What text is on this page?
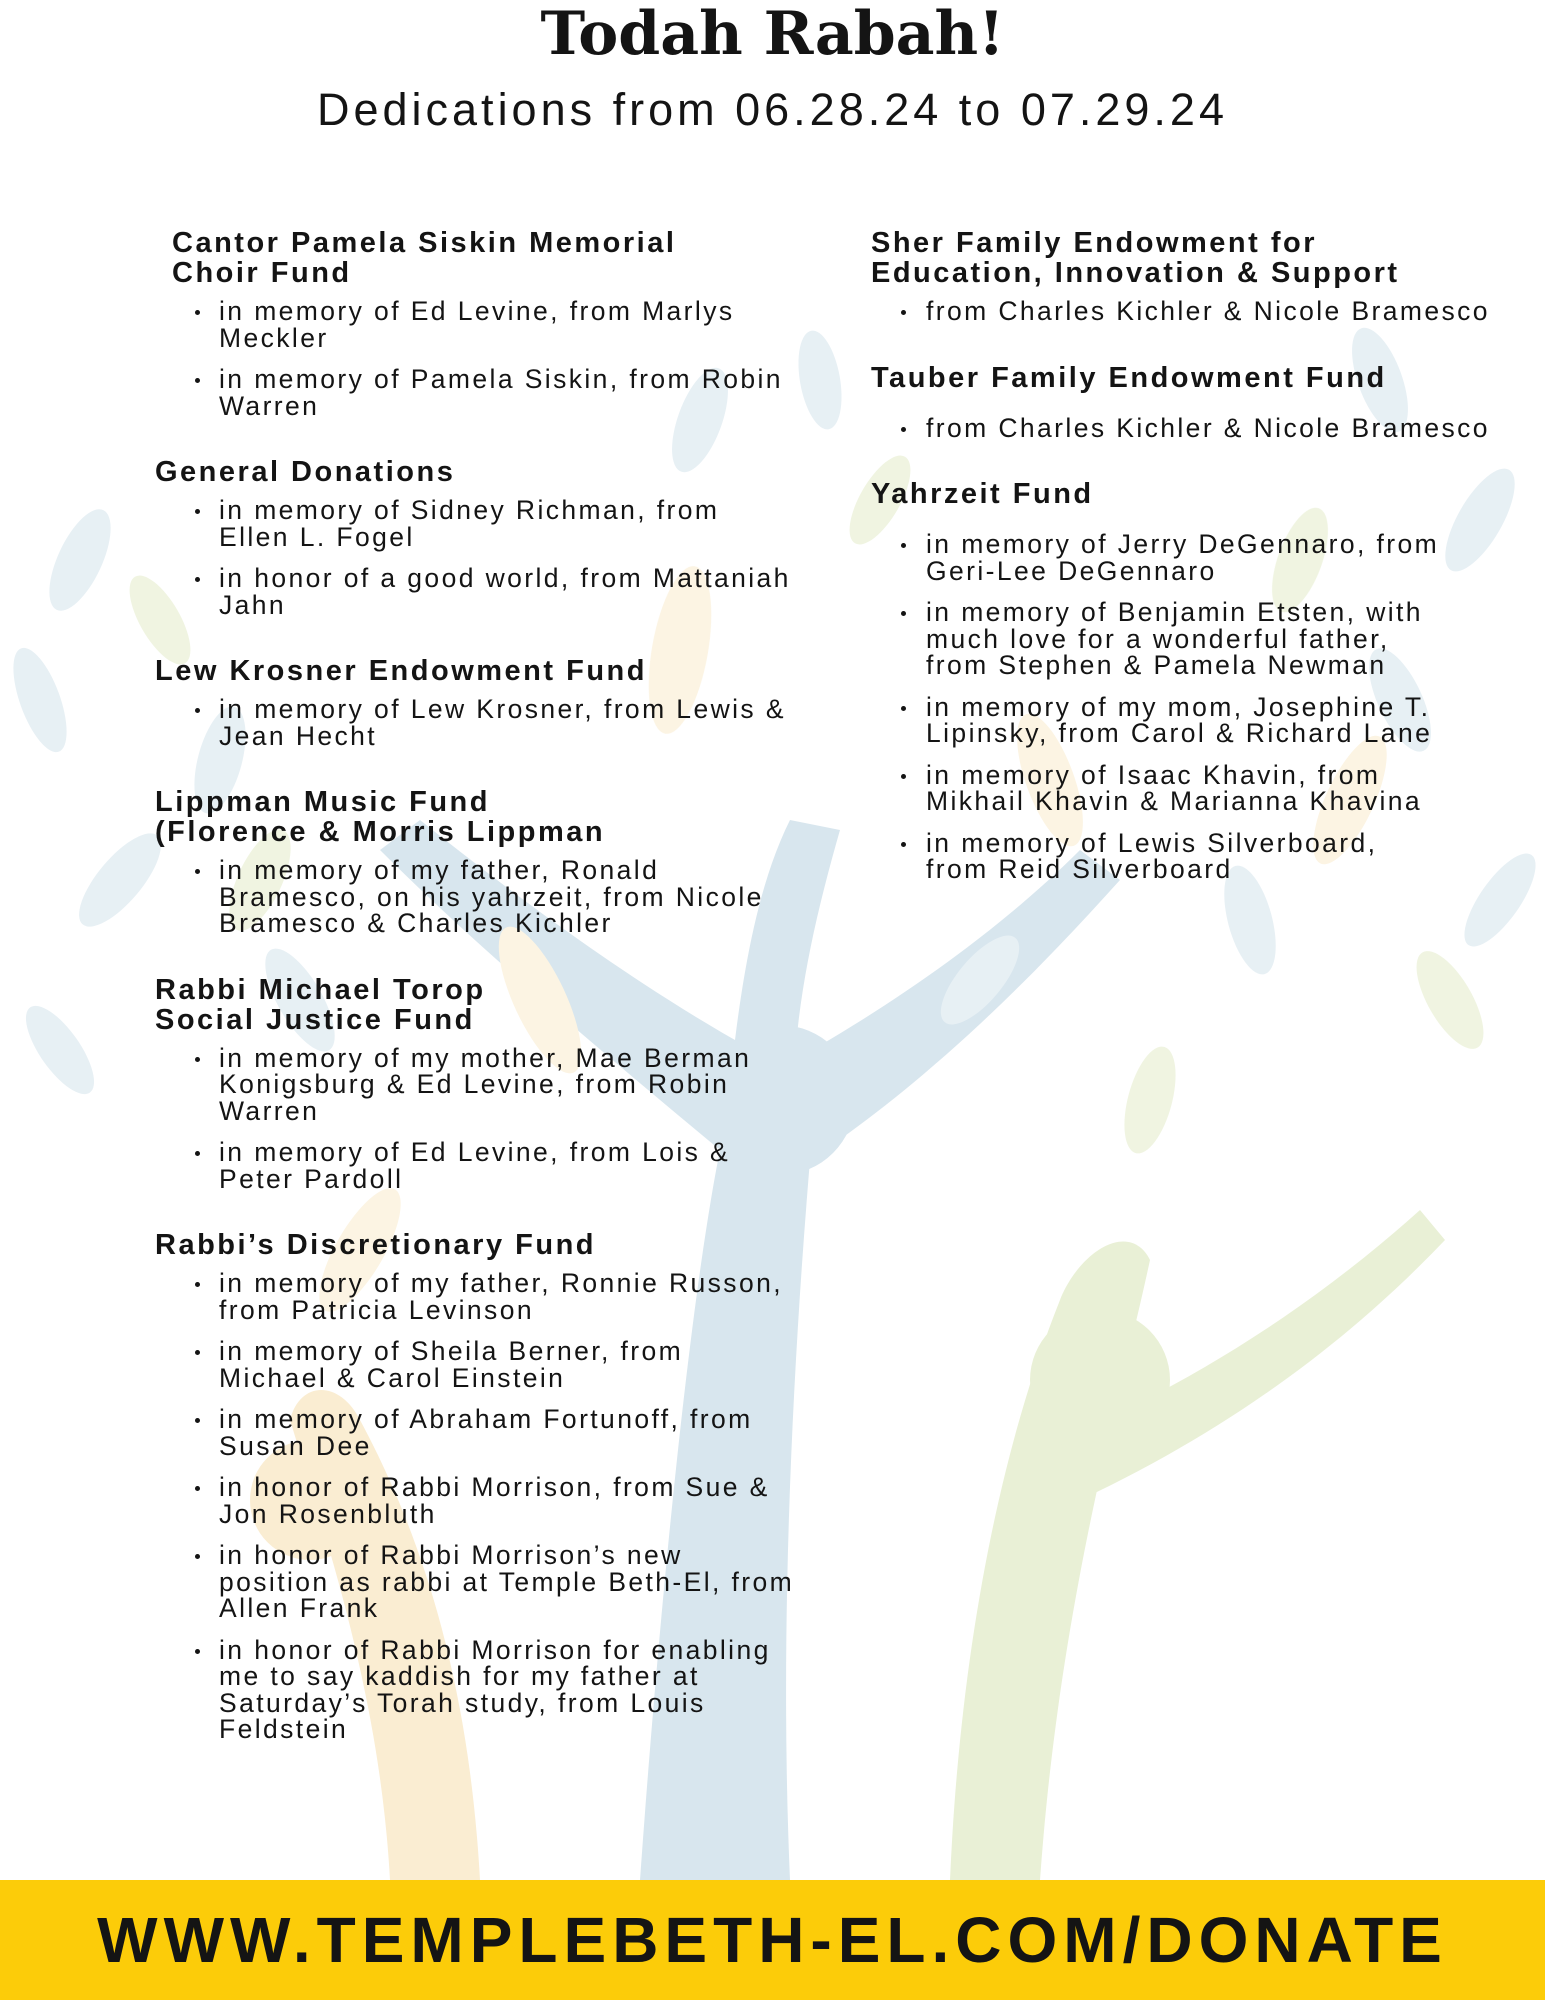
Todah Rabah!
Dedications from 06.28.24 to 07.29.24
Cantor Pamela Siskin Memorial
Choir Fund
in memory of Ed Levine, from Marlys Meckler
in memory of Pamela Siskin, from Robin Warren
General Donations
in memory of Sidney Richman, from Ellen L. Fogel
in honor of a good world, from Mattaniah Jahn
Lew Krosner Endowment Fund
in memory of Lew Krosner, from Lewis & Jean Hecht
Lippman Music Fund
(Florence & Morris Lippman
in memory of my father, Ronald Bramesco, on his yahrzeit, from Nicole Bramesco & Charles Kichler
Rabbi Michael Torop
Social Justice Fund
in memory of my mother, Mae Berman Konigsburg & Ed Levine, from Robin Warren
in memory of Ed Levine, from Lois & Peter Pardoll
Rabbi’s Discretionary Fund
in memory of my father, Ronnie Russon, from Patricia Levinson
in memory of Sheila Berner, from Michael & Carol Einstein
in memory of Abraham Fortunoff, from Susan Dee
in honor of Rabbi Morrison, from Sue & Jon Rosenbluth
in honor of Rabbi Morrison’s new position as rabbi at Temple Beth-El, from Allen Frank
in honor of Rabbi Morrison for enabling me to say kaddish for my father at Saturday’s Torah study, from Louis Feldstein
Sher Family Endowment for
Education, Innovation & Support
from Charles Kichler & Nicole Bramesco
Tauber Family Endowment Fund
from Charles Kichler & Nicole Bramesco
Yahrzeit Fund
in memory of Jerry DeGennaro, from Geri-Lee DeGennaro
in memory of Benjamin Etsten, with much love for a wonderful father, from Stephen & Pamela Newman
in memory of my mom, Josephine T. Lipinsky, from Carol & Richard Lane
in memory of Isaac Khavin, from Mikhail Khavin & Marianna Khavina
in memory of Lewis Silverboard, from Reid Silverboard
WWW.TEMPLEBETH-EL.COM/DONATE
